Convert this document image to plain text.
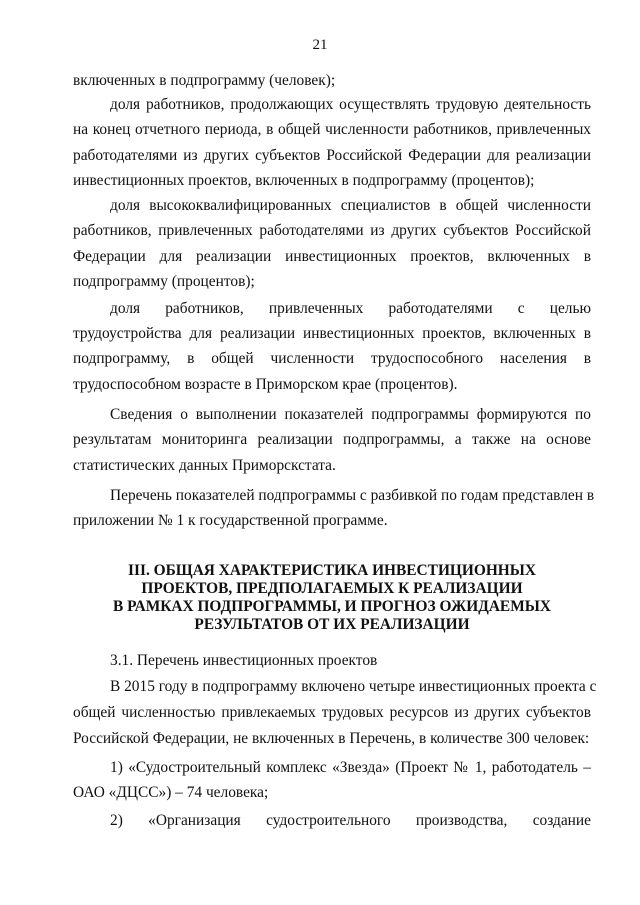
21
включенных в подпрограмму (человек);
доля работников, продолжающих осуществлять трудовую деятельность
на конец отчетного периода, в общей численности работников, привлеченных
работодателями из других субъектов Российской Федерации для реализации
инвестиционных проектов, включенных в подпрограмму (процентов);
доля высококвалифицированных специалистов в общей численности
работников, привлеченных работодателями из других субъектов Российской
Федерации для реализации инвестиционных проектов, включенных в
подпрограмму (процентов);
доля работников, привлеченных работодателями с целью
трудоустройства для реализации инвестиционных проектов, включенных в
подпрограмму, в общей численности трудоспособного населения в
трудоспособном возрасте в Приморском крае (процентов).
Сведения о выполнении показателей подпрограммы формируются по
результатам мониторинга реализации подпрограммы, а также на основе
статистических данных Приморскстата.
Перечень показателей подпрограммы с разбивкой по годам представлен в
приложении № 1 к государственной программе.
III. ОБЩАЯ ХАРАКТЕРИСТИКА ИНВЕСТИЦИОННЫХ
ПРОЕКТОВ, ПРЕДПОЛАГАЕМЫХ К РЕАЛИЗАЦИИ
В РАМКАХ ПОДПРОГРАММЫ, И ПРОГНОЗ ОЖИДАЕМЫХ
РЕЗУЛЬТАТОВ ОТ ИХ РЕАЛИЗАЦИИ
3.1. Перечень инвестиционных проектов
В 2015 году в подпрограмму включено четыре инвестиционных проекта с
общей численностью привлекаемых трудовых ресурсов из других субъектов
Российской Федерации, не включенных в Перечень, в количестве 300 человек:
1) «Судостроительный комплекс «Звезда» (Проект № 1, работодатель –
ОАО «ДЦСС») – 74 человека;
2) «Организация судостроительного производства, создание
